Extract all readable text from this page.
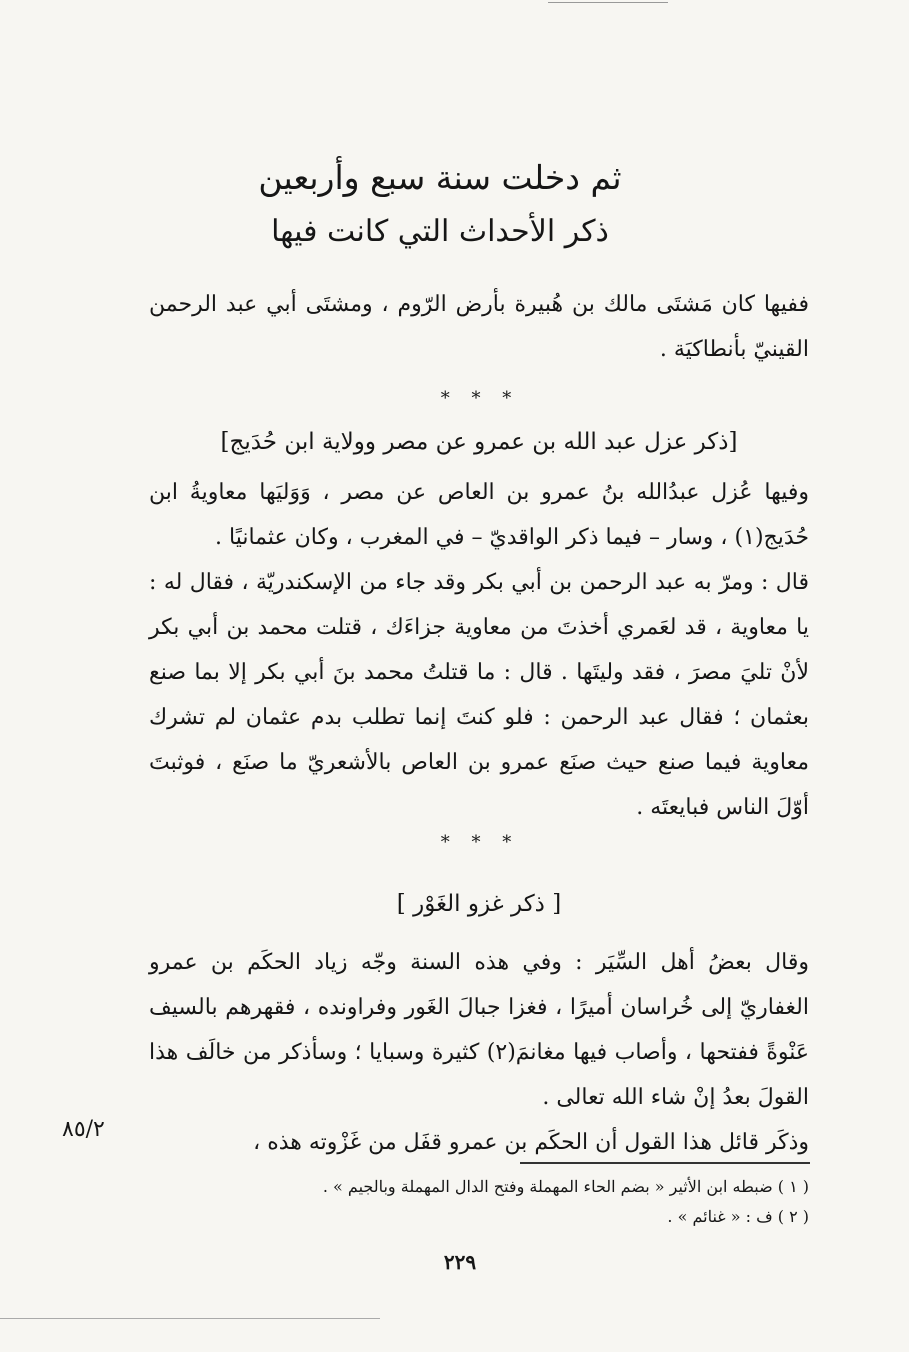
ثم دخلت سنة سبع وأربعين

ذكر الأحداث التي كانت فيها

ففيها كان مَشتَى مالك بن هُبيرة بأرض الرّوم ، ومشتَى أبي عبد الرحمن القينيّ بأنطاكيَة .

* * *
[ذكر عزل عبد الله بن عمرو عن مصر وولاية ابن حُدَيج]

وفيها عُزل عبدُالله بنُ عمرو بن العاص عن مصر ، وَوَليَها معاويةُ ابن حُدَيج(١) ، وسار – فيما ذكر الواقديّ – في المغرب ، وكان عثمانيًا .

قال : ومرّ به عبد الرحمن بن أبي بكر وقد جاء من الإسكندريّة ، فقال له : يا معاوية ، قد لعَمري أخذتَ من معاوية جزاءَك ، قتلت محمد بن أبي بكر لأنْ تليَ مصرَ ، فقد وليتَها . قال : ما قتلتُ محمد بنَ أبي بكر إلا بما صنع بعثمان ؛ فقال عبد الرحمن : فلو كنتَ إنما تطلب بدم عثمان لم تشرك معاوية فيما صنع حيث صنَع عمرو بن العاص بالأشعريّ ما صنَع ، فوثبتَ أوّلَ الناس فبايعتَه .

* * *
[ ذكر غزو الغَوْر ]

وقال بعضُ أهل السِّيَر : وفي هذه السنة وجّه زياد الحكَم بن عمرو الغفاريّ إلى خُراسان أميرًا ، فغزا جبالَ الغَور وفراونده ، فقهرهم بالسيف عَنْوةً ففتحها ، وأصاب فيها مغانمَ(٢) كثيرة وسبايا ؛ وسأذكر من خالَف هذا القولَ بعدُ إنْ شاء الله تعالى .

وذكَر قائل هذا القول أن الحكَم بن عمرو قفَل من غَزْوته هذه ،

٨٥/٢

( ١ ) ضبطه ابن الأثير « بضم الحاء المهملة وفتح الدال المهملة وبالجيم » .

( ٢ ) ف : « غنائم » .

٢٢٩
